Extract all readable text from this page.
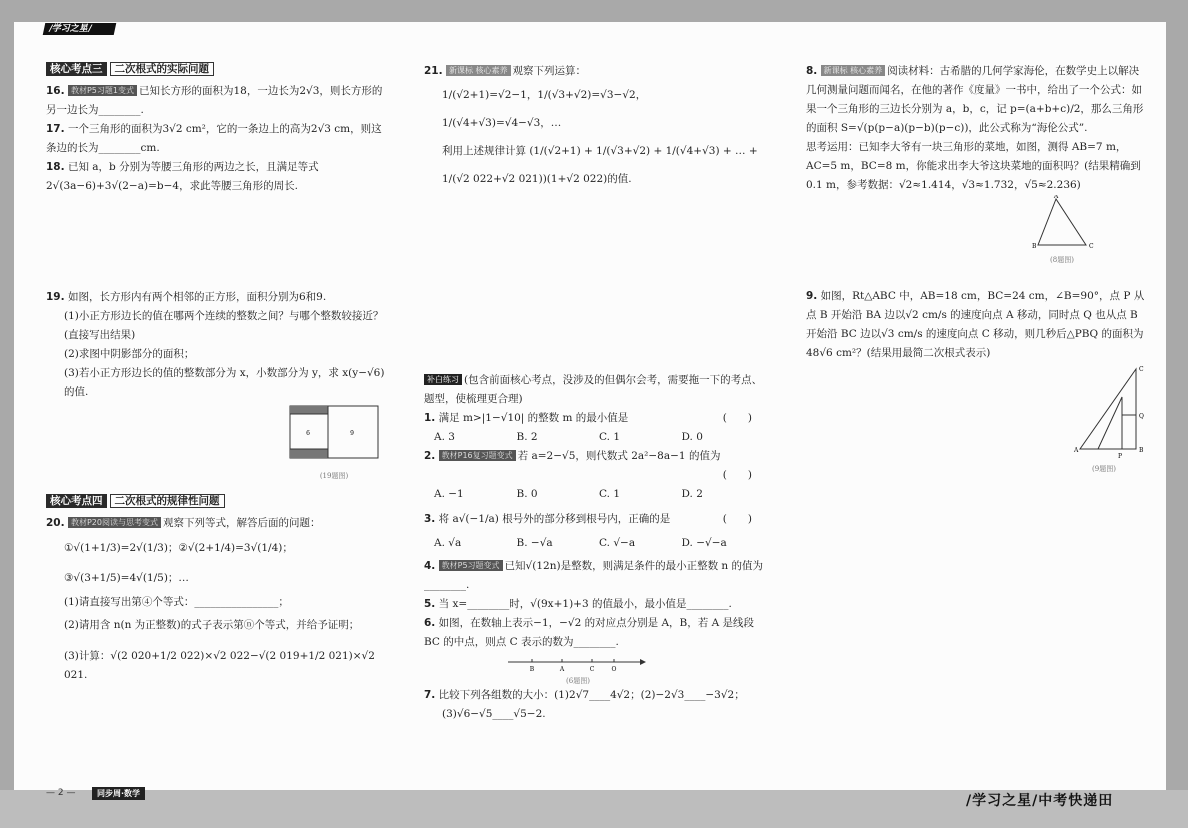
/学习之星/
核心考点三	二次根式的实际问题

16. 教材P5习题1变式 已知长方形的面积为18，一边长为2√3，则长方形的另一边长为________.

17. 一个三角形的面积为3√2 cm²，它的一条边上的高为2√3 cm，则这条边的长为________cm.

18. 已知 a，b 分别为等腰三角形的两边之长，且满足等式 2√(3a−6)+3√(2−a)=b−4，求此等腰三角形的周长.

19. 如图，长方形内有两个相邻的正方形，面积分别为6和9.

(1)小正方形边长的值在哪两个连续的整数之间？与哪个整数较接近？(直接写出结果)

(2)求图中阴影部分的面积；

(3)若小正方形边长的值的整数部分为 x，小数部分为 y，求 x(y−√6)的值.

6	9
(19题图)
核心考点四	二次根式的规律性问题

20. 教材P20阅读与思考变式 观察下列等式，解答后面的问题：

①√(1+1/3)=2√(1/3)；②√(2+1/4)=3√(1/4)；③√(3+1/5)=4√(1/5)；…

(1)请直接写出第④个等式：________________；

(2)请用含 n(n 为正整数)的式子表示第ⓝ个等式，并给予证明；

(3)计算：√(2 020+1/2 022)×√2 022−√(2 019+1/2 021)×√2 021.

21. 新课标 核心素养 观察下列运算：

1/(√2+1)=√2−1，1/(√3+√2)=√3−√2，1/(√4+√3)=√4−√3，…

利用上述规律计算 (1/(√2+1) + 1/(√3+√2) + 1/(√4+√3) + … +

1/(√2 022+√2 021))(1+√2 022)的值.

补白练习 (包含前面核心考点，没涉及的但偶尔会考，需要拖一下的考点、题型，使梳理更合理)

1. 满足 m>|1−√10| 的整数 m 的最小值是	(　　)

A. 3	B. 2	C. 1	D. 0

2. 教材P16复习题变式 若 a=2−√5，则代数式 2a²−8a−1 的值为

(　　)

A. −1	B. 0	C. 1	D. 2

3. 将 a√(−1/a) 根号外的部分移到根号内，正确的是	(　　)

A. √a	B. −√a	C. √−a	D. −√−a

4. 教材P5习题变式 已知√(12n)是整数，则满足条件的最小正整数 n 的值为________.

5. 当 x=________时，√(9x+1)+3 的值最小，最小值是________.

6. 如图，在数轴上表示−1，−√2 的对应点分别是 A，B，若 A 是线段 BC 的中点，则点 C 表示的数为________.

B	A	C	O
(6题图)

7. 比较下列各组数的大小：(1)2√7____4√2；(2)−2√3____−3√2；

(3)√6−√5____√5−2.

8. 新课标 核心素养 阅读材料：古希腊的几何学家海伦，在数学史上以解决几何测量问题而闻名，在他的著作《度量》一书中，给出了一个公式：如果一个三角形的三边长分别为 a，b，c，记 p=(a+b+c)/2，那么三角形的面积 S=√(p(p−a)(p−b)(p−c))，此公式称为“海伦公式”.

思考运用：已知李大爷有一块三角形的菜地，如图，测得 AB=7 m，AC=5 m，BC=8 m，你能求出李大爷这块菜地的面积吗？(结果精确到0.1 m，参考数据：√2≈1.414，√3≈1.732，√5≈2.236)

A
B	C
(8题图)

9. 如图，Rt△ABC 中，AB=18 cm，BC=24 cm，∠B=90°，点 P 从点 B 开始沿 BA 边以√2 cm/s 的速度向点 A 移动，同时点 Q 也从点 B 开始沿 BC 边以√3 cm/s 的速度向点 C 移动，则几秒后△PBQ 的面积为 48√6 cm²？(结果用最简二次根式表示)

C
A	B
P
Q
(9题图)
— 2 —	同步周·数学	/学习之星/中考快递田
